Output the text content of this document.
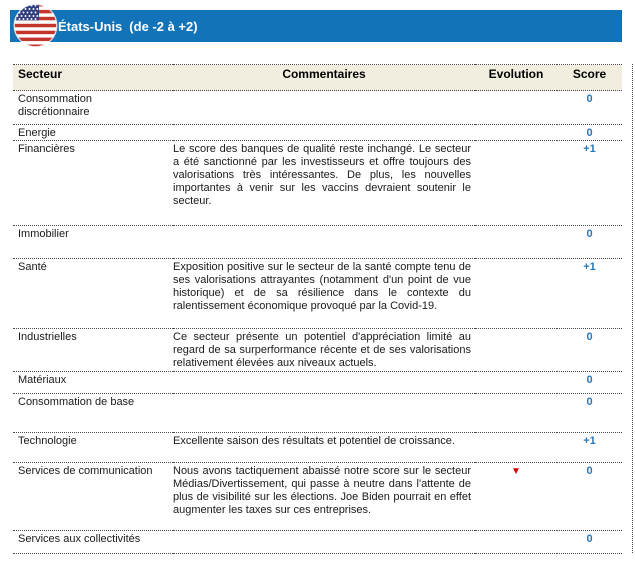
États-Unis (de -2 à +2)
Secteur	Commentaires	Evolution	Score
Consommation discrétionnaire			0
Energie			0
Financières	Le score des banques de qualité reste inchangé. Le secteur a été sanctionné par les investisseurs et offre toujours des valorisations très intéressantes. De plus, les nouvelles importantes à venir sur les vaccins devraient soutenir le secteur.		+1
Immobilier			0
Santé	Exposition positive sur le secteur de la santé compte tenu de ses valorisations attrayantes (notamment d'un point de vue historique) et de sa résilience dans le contexte du ralentissement économique provoqué par la Covid-19.		+1
Industrielles	Ce secteur présente un potentiel d'appréciation limité au regard de sa surperformance récente et de ses valorisations relativement élevées aux niveaux actuels.		0
Matériaux			0
Consommation de base			0
Technologie	Excellente saison des résultats et potentiel de croissance.		+1
Services de communication	Nous avons tactiquement abaissé notre score sur le secteur Médias/Divertissement, qui passe à neutre dans l'attente de plus de visibilité sur les élections. Joe Biden pourrait en effet augmenter les taxes sur ces entreprises.	▼	0
Services aux collectivités			0
